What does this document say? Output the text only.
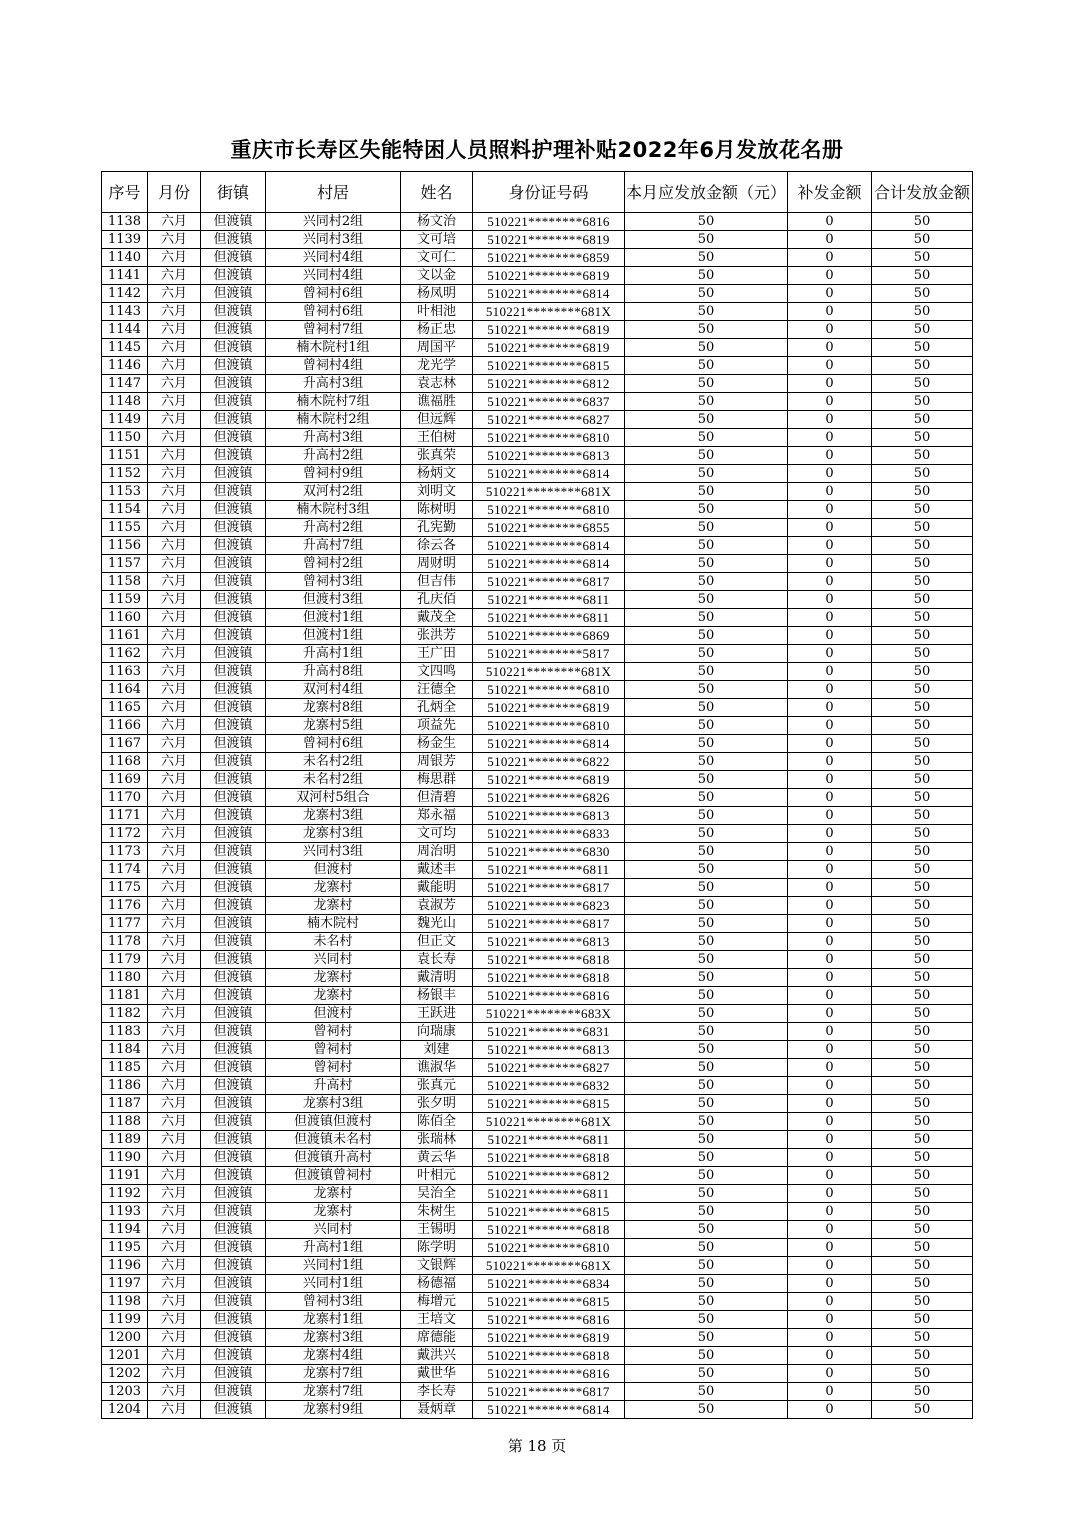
重庆市长寿区失能特困人员照料护理补贴2022年6月发放花名册
序号	月份	街镇	村居	姓名	身份证号码	本月应发放金额（元）	补发金额	合计发放金额
1138	六月	但渡镇	兴同村2组	杨文治	510221********6816	50	0	50
1139	六月	但渡镇	兴同村3组	文可培	510221********6819	50	0	50
1140	六月	但渡镇	兴同村4组	文可仁	510221********6859	50	0	50
1141	六月	但渡镇	兴同村4组	文以金	510221********6819	50	0	50
1142	六月	但渡镇	曾祠村6组	杨凤明	510221********6814	50	0	50
1143	六月	但渡镇	曾祠村6组	叶相池	510221********681X	50	0	50
1144	六月	但渡镇	曾祠村7组	杨正忠	510221********6819	50	0	50
1145	六月	但渡镇	楠木院村1组	周国平	510221********6819	50	0	50
1146	六月	但渡镇	曾祠村4组	龙光学	510221********6815	50	0	50
1147	六月	但渡镇	升高村3组	袁志林	510221********6812	50	0	50
1148	六月	但渡镇	楠木院村7组	谯福胜	510221********6837	50	0	50
1149	六月	但渡镇	楠木院村2组	但远辉	510221********6827	50	0	50
1150	六月	但渡镇	升高村3组	王伯树	510221********6810	50	0	50
1151	六月	但渡镇	升高村2组	张真荣	510221********6813	50	0	50
1152	六月	但渡镇	曾祠村9组	杨炳文	510221********6814	50	0	50
1153	六月	但渡镇	双河村2组	刘明文	510221********681X	50	0	50
1154	六月	但渡镇	楠木院村3组	陈树明	510221********6810	50	0	50
1155	六月	但渡镇	升高村2组	孔宪勤	510221********6855	50	0	50
1156	六月	但渡镇	升高村7组	徐云各	510221********6814	50	0	50
1157	六月	但渡镇	曾祠村2组	周财明	510221********6814	50	0	50
1158	六月	但渡镇	曾祠村3组	但吉伟	510221********6817	50	0	50
1159	六月	但渡镇	但渡村3组	孔庆佰	510221********6811	50	0	50
1160	六月	但渡镇	但渡村1组	戴茂全	510221********6811	50	0	50
1161	六月	但渡镇	但渡村1组	张洪芳	510221********6869	50	0	50
1162	六月	但渡镇	升高村1组	王广田	510221********5817	50	0	50
1163	六月	但渡镇	升高村8组	文四鸣	510221********681X	50	0	50
1164	六月	但渡镇	双河村4组	汪德全	510221********6810	50	0	50
1165	六月	但渡镇	龙寨村8组	孔炳全	510221********6819	50	0	50
1166	六月	但渡镇	龙寨村5组	项益先	510221********6810	50	0	50
1167	六月	但渡镇	曾祠村6组	杨金生	510221********6814	50	0	50
1168	六月	但渡镇	未名村2组	周银芳	510221********6822	50	0	50
1169	六月	但渡镇	未名村2组	梅思群	510221********6819	50	0	50
1170	六月	但渡镇	双河村5组合	但清碧	510221********6826	50	0	50
1171	六月	但渡镇	龙寨村3组	郑永福	510221********6813	50	0	50
1172	六月	但渡镇	龙寨村3组	文可均	510221********6833	50	0	50
1173	六月	但渡镇	兴同村3组	周治明	510221********6830	50	0	50
1174	六月	但渡镇	但渡村	戴述丰	510221********6811	50	0	50
1175	六月	但渡镇	龙寨村	戴能明	510221********6817	50	0	50
1176	六月	但渡镇	龙寨村	袁淑芳	510221********6823	50	0	50
1177	六月	但渡镇	楠木院村	魏光山	510221********6817	50	0	50
1178	六月	但渡镇	未名村	但正文	510221********6813	50	0	50
1179	六月	但渡镇	兴同村	袁长寿	510221********6818	50	0	50
1180	六月	但渡镇	龙寨村	戴清明	510221********6818	50	0	50
1181	六月	但渡镇	龙寨村	杨银丰	510221********6816	50	0	50
1182	六月	但渡镇	但渡村	王跃进	510221********683X	50	0	50
1183	六月	但渡镇	曾祠村	向瑞康	510221********6831	50	0	50
1184	六月	但渡镇	曾祠村	刘建	510221********6813	50	0	50
1185	六月	但渡镇	曾祠村	谯淑华	510221********6827	50	0	50
1186	六月	但渡镇	升高村	张真元	510221********6832	50	0	50
1187	六月	但渡镇	龙寨村3组	张夕明	510221********6815	50	0	50
1188	六月	但渡镇	但渡镇但渡村	陈佰全	510221********681X	50	0	50
1189	六月	但渡镇	但渡镇未名村	张瑞林	510221********6811	50	0	50
1190	六月	但渡镇	但渡镇升高村	黄云华	510221********6818	50	0	50
1191	六月	但渡镇	但渡镇曾祠村	叶相元	510221********6812	50	0	50
1192	六月	但渡镇	龙寨村	吴治全	510221********6811	50	0	50
1193	六月	但渡镇	龙寨村	朱树生	510221********6815	50	0	50
1194	六月	但渡镇	兴同村	王锡明	510221********6818	50	0	50
1195	六月	但渡镇	升高村1组	陈学明	510221********6810	50	0	50
1196	六月	但渡镇	兴同村1组	文银辉	510221********681X	50	0	50
1197	六月	但渡镇	兴同村1组	杨德福	510221********6834	50	0	50
1198	六月	但渡镇	曾祠村3组	梅增元	510221********6815	50	0	50
1199	六月	但渡镇	龙寨村1组	王培文	510221********6816	50	0	50
1200	六月	但渡镇	龙寨村3组	席德能	510221********6819	50	0	50
1201	六月	但渡镇	龙寨村4组	戴洪兴	510221********6818	50	0	50
1202	六月	但渡镇	龙寨村7组	戴世华	510221********6816	50	0	50
1203	六月	但渡镇	龙寨村7组	李长寿	510221********6817	50	0	50
1204	六月	但渡镇	龙寨村9组	聂炳章	510221********6814	50	0	50
第 18 页
